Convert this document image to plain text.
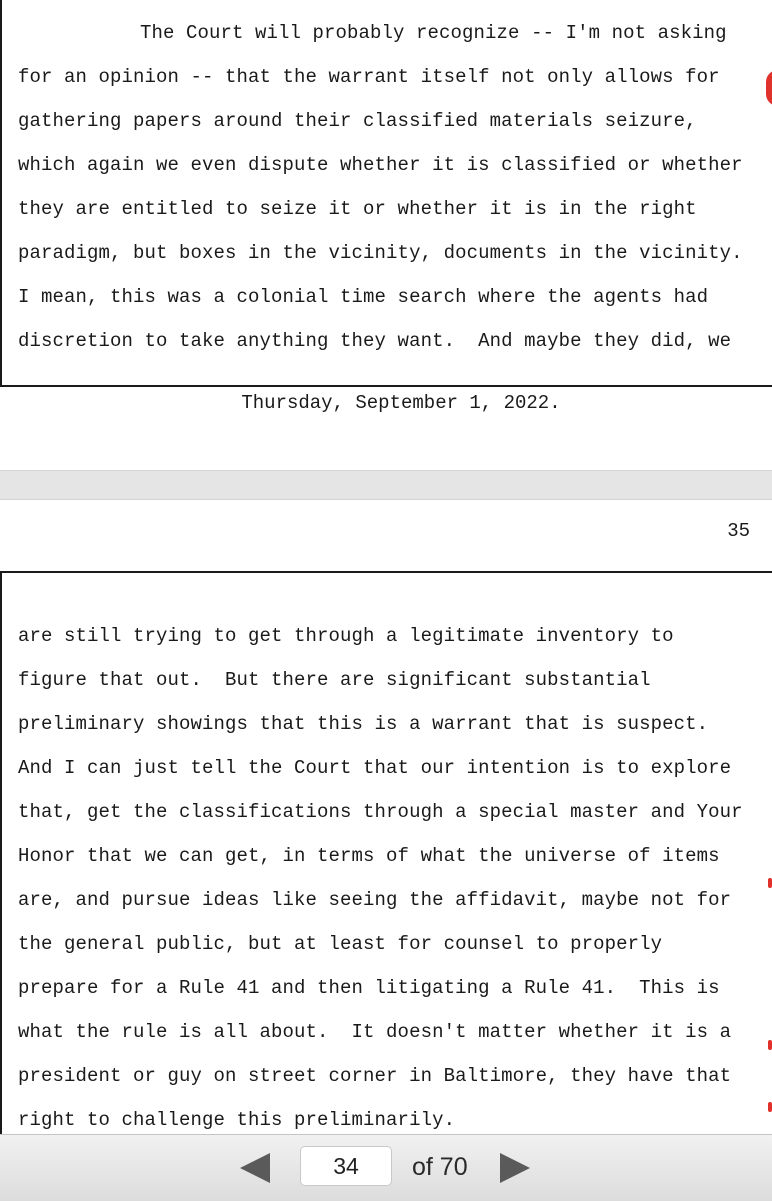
The Court will probably recognize -- I'm not asking
for an opinion -- that the warrant itself not only allows for
gathering papers around their classified materials seizure,
which again we even dispute whether it is classified or whether
they are entitled to seize it or whether it is in the right
paradigm, but boxes in the vicinity, documents in the vicinity.
I mean, this was a colonial time search where the agents had
discretion to take anything they want.  And maybe they did, we
Thursday, September 1, 2022.
35
are still trying to get through a legitimate inventory to
figure that out.  But there are significant substantial
preliminary showings that this is a warrant that is suspect.
And I can just tell the Court that our intention is to explore
that, get the classifications through a special master and Your
Honor that we can get, in terms of what the universe of items
are, and pursue ideas like seeing the affidavit, maybe not for
the general public, but at least for counsel to properly
prepare for a Rule 41 and then litigating a Rule 41.  This is
what the rule is all about.  It doesn't matter whether it is a
president or guy on street corner in Baltimore, they have that
right to challenge this preliminarily.
34
of 70
